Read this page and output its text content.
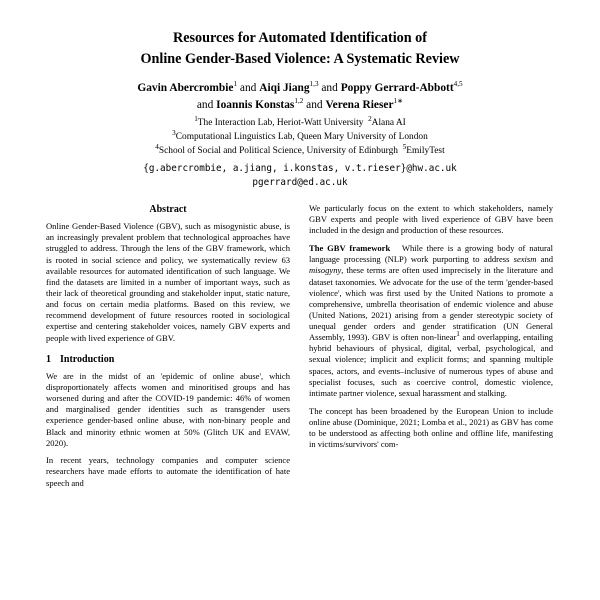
Resources for Automated Identification of
Online Gender-Based Violence: A Systematic Review
Gavin Abercrombie$^1$ and Aiqi Jiang$^{1,3}$ and Poppy Gerrard-Abbott$^{4,5}$
and Ioannis Konstas$^{1,2}$ and Verena Rieser$^{1∗}$
$^1$The Interaction Lab, Heriot-Watt University $^2$Alana AI
$^3$Computational Linguistics Lab, Queen Mary University of London
$^4$School of Social and Political Science, University of Edinburgh $^5$EmilyTest
{g.abercrombie, a.jiang, i.konstas, v.t.rieser}@hw.ac.uk
pgerrard@ed.ac.uk
Abstract

Online Gender-Based Violence (GBV), such as misogynistic abuse, is an increasingly prevalent problem that technological approaches have struggled to address. Through the lens of the GBV framework, which is rooted in social science and policy, we systematically review 63 available resources for automated identification of such language. We find the datasets are limited in a number of important ways, such as their lack of theoretical grounding and stakeholder input, static nature, and focus on certain media platforms. Based on this review, we recommend development of future resources rooted in sociological expertise and centering stakeholder voices, namely GBV experts and people with lived experience of GBV.

1 Introduction

We are in the midst of an 'epidemic of online abuse', which disproportionately affects women and minoritised groups and has worsened during and after the COVID-19 pandemic: 46% of women and marginalised gender identities such as transgender users experience gender-based online abuse, with non-binary people and Black and minority ethnic women at 50% (Glitch UK and EVAW, 2020).

In recent years, technology companies and computer science researchers have made efforts to automate the identification of hate speech and

We particularly focus on the extent to which stakeholders, namely GBV experts and people with lived experience of GBV have been included in the design and production of these resources.

The GBV framework While there is a growing body of natural language processing (NLP) work purporting to address sexism and misogyny, these terms are often used imprecisely in the literature and dataset taxonomies. We advocate for the use of the term 'gender-based violence', which was first used by the United Nations to promote a comprehensive, umbrella theorisation of endemic violence and abuse (United Nations, 2021) arising from a gender stereotypic society of unequal gender orders and gender stratification (UN General Assembly, 1993). GBV is often non-linear$^1$ and overlapping, entailing hybrid behaviours of physical, digital, verbal, psychological, and sexual violence; implicit and explicit forms; and spanning multiple spaces, actors, and events–inclusive of numerous types of abuse and specialist focuses, such as coercive control, domestic violence, intimate partner violence, sexual harassment and stalking.

The concept has been broadened by the European Union to include online abuse (Dominique, 2021; Lomba et al., 2021) as GBV has come to be understood as affecting both online and offline life, manifesting in victims/survivors' com-
